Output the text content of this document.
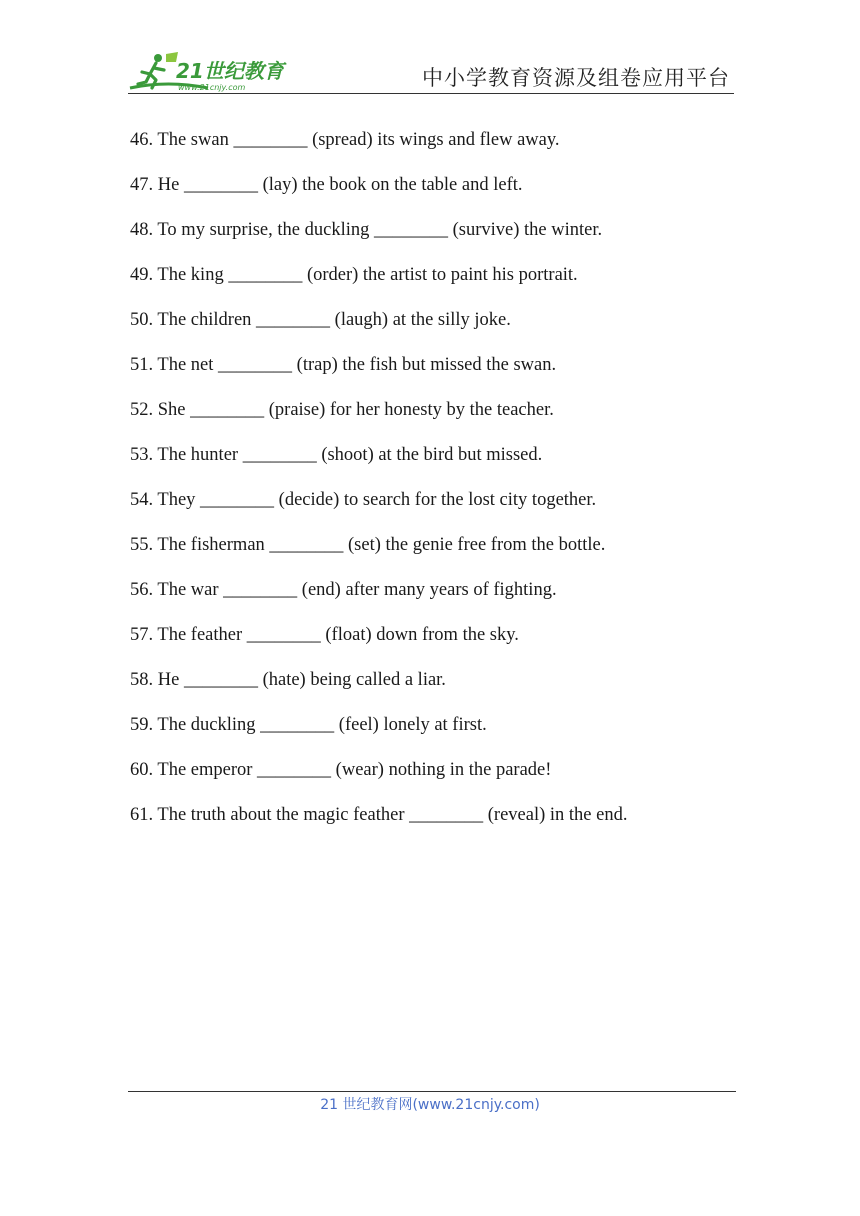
21世纪教育
www.21cnjy.com	中小学教育资源及组卷应用平台
46. The swan ________ (spread) its wings and flew away.
47. He ________ (lay) the book on the table and left.
48. To my surprise, the duckling ________ (survive) the winter.
49. The king ________ (order) the artist to paint his portrait.
50. The children ________ (laugh) at the silly joke.
51. The net ________ (trap) the fish but missed the swan.
52. She ________ (praise) for her honesty by the teacher.
53. The hunter ________ (shoot) at the bird but missed.
54. They ________ (decide) to search for the lost city together.
55. The fisherman ________ (set) the genie free from the bottle.
56. The war ________ (end) after many years of fighting.
57. The feather ________ (float) down from the sky.
58. He ________ (hate) being called a liar.
59. The duckling ________ (feel) lonely at first.
60. The emperor ________ (wear) nothing in the parade!
61. The truth about the magic feather ________ (reveal) in the end.
21 世纪教育网(www.21cnjy.com)
